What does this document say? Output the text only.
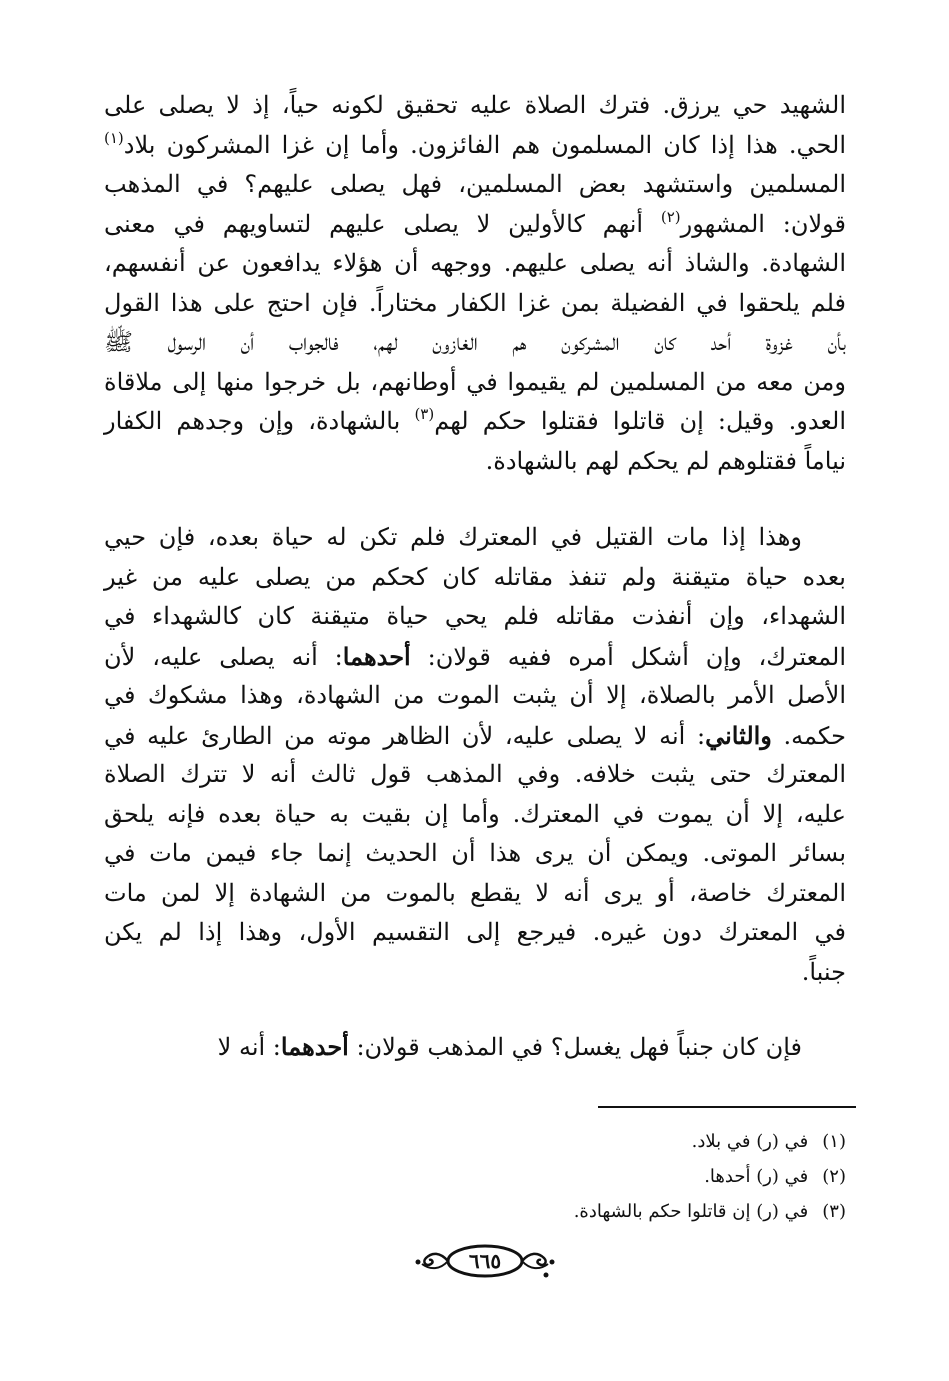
الشهيد حي يرزق. فترك الصلاة عليه تحقيق لكونه حياً، إذ لا يصلى على
الحي. هذا إذا كان المسلمون هم الفائزون. وأما إن غزا المشركون بلاد$^{(١)}$
المسلمين واستشهد بعض المسلمين، فهل يصلى عليهم؟ في المذهب
قولان: المشهور$^{(٢)}$ أنهم كالأولين لا يصلى عليهم لتساويهم في معنى
الشهادة. والشاذ أنه يصلى عليهم. ووجهه أن هؤلاء يدافعون عن أنفسهم،
فلم يلحقوا في الفضيلة بمن غزا الكفار مختاراً. فإن احتج على هذا القول
بأن غزوة أحد كان المشركون هم الغازون لهم، فالجواب أن الرسول ﷺ
ومن معه من المسلمين لم يقيموا في أوطانهم، بل خرجوا منها إلى ملاقاة
العدو. وقيل: إن قاتلوا فقتلوا حكم لهم$^{(٣)}$ بالشهادة، وإن وجدهم الكفار
نياماً فقتلوهم لم يحكم لهم بالشهادة.
وهذا إذا مات القتيل في المعترك فلم تكن له حياة بعده، فإن حيي
بعده حياة متيقنة ولم تنفذ مقاتله كان كحكم من يصلى عليه من غير
الشهداء، وإن أنفذت مقاتله فلم يحي حياة متيقنة كان كالشهداء في
المعترك، وإن أشكل أمره ففيه قولان: أحدهما: أنه يصلى عليه، لأن
الأصل الأمر بالصلاة، إلا أن يثبت الموت من الشهادة، وهذا مشكوك في
حكمه. والثاني: أنه لا يصلى عليه، لأن الظاهر موته من الطارئ عليه في
المعترك حتى يثبت خلافه. وفي المذهب قول ثالث أنه لا تترك الصلاة
عليه، إلا أن يموت في المعترك. وأما إن بقيت به حياة بعده فإنه يلحق
بسائر الموتى. ويمكن أن يرى هذا أن الحديث إنما جاء فيمن مات في
المعترك خاصة، أو يرى أنه لا يقطع بالموت من الشهادة إلا لمن مات
في المعترك دون غيره. فيرجع إلى التقسيم الأول، وهذا إذا لم يكن
جنباً.
فإن كان جنباً فهل يغسل؟ في المذهب قولان: أحدهما: أنه لا
(١)في (ر) في بلاد.
(٢)في (ر) أحدها.
(٣)في (ر) إن قاتلوا حكم بالشهادة.
٦٦٥
